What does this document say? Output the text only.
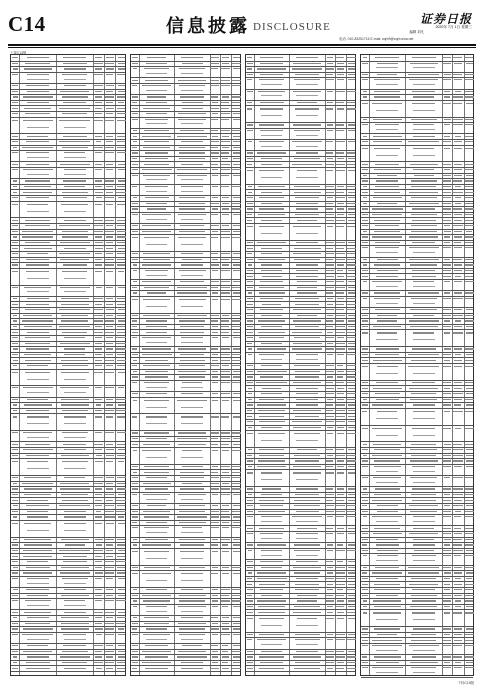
C14	信息披露 DISCLOSURE
电话: 010-83251716 E-mail: zqrb9@zqrb.sina.net
编辑 刘凡
证券日报
2020年 7月 1日 星期三
上接C13版
下转C15版
